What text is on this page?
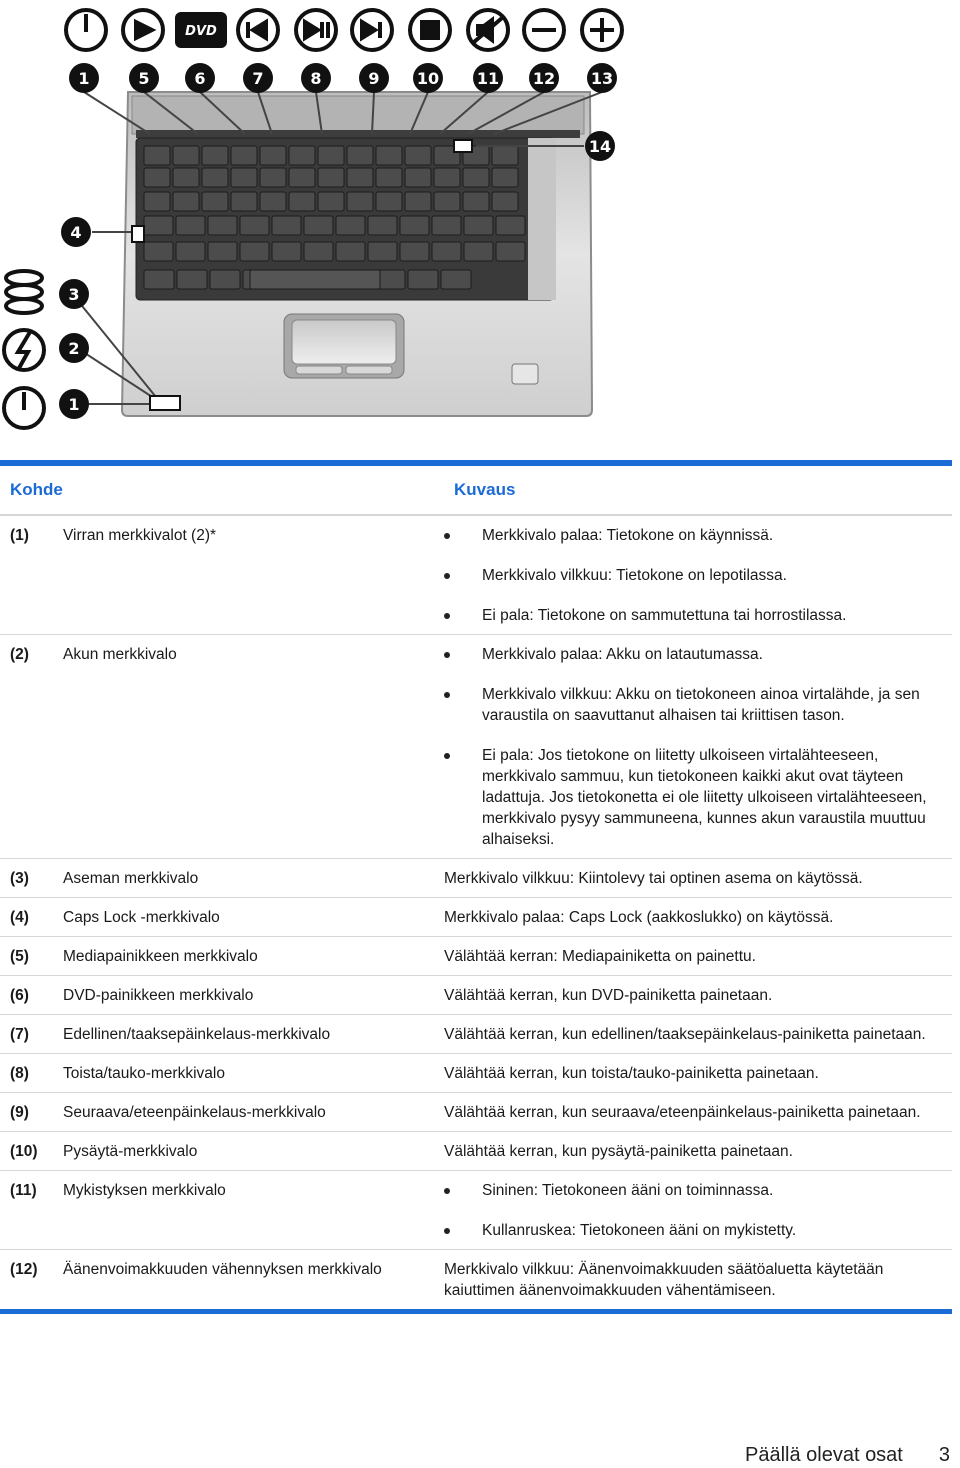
DVD
1	5	6	7	8	9 10 11 12 13
14
4
3
2
1
Kohde	Kuvaus
(1)	Virran merkkivalot (2)*	Merkkivalo palaa: Tietokone on käynnissä.
Merkkivalo vilkkuu: Tietokone on lepotilassa.
Ei pala: Tietokone on sammutettuna tai horrostilassa.
(2)	Akun merkkivalo	Merkkivalo palaa: Akku on latautumassa.
Merkkivalo vilkkuu: Akku on tietokoneen ainoa virtalähde, ja sen varaustila on saavuttanut alhaisen tai kriittisen tason.
Ei pala: Jos tietokone on liitetty ulkoiseen virtalähteeseen, merkkivalo sammuu, kun tietokoneen kaikki akut ovat täyteen ladattuja. Jos tietokonetta ei ole liitetty ulkoiseen virtalähteeseen, merkkivalo pysyy sammuneena, kunnes akun varaustila muuttuu alhaiseksi.
(3)	Aseman merkkivalo	Merkkivalo vilkkuu: Kiintolevy tai optinen asema on käytössä.
(4)	Caps Lock -merkkivalo	Merkkivalo palaa: Caps Lock (aakkoslukko) on käytössä.
(5)	Mediapainikkeen merkkivalo	Välähtää kerran: Mediapainiketta on painettu.
(6)	DVD-painikkeen merkkivalo	Välähtää kerran, kun DVD-painiketta painetaan.
(7)	Edellinen/taaksepäinkelaus-merkkivalo	Välähtää kerran, kun edellinen/taaksepäinkelaus-painiketta painetaan.
(8)	Toista/tauko-merkkivalo	Välähtää kerran, kun toista/tauko-painiketta painetaan.
(9)	Seuraava/eteenpäinkelaus-merkkivalo	Välähtää kerran, kun seuraava/eteenpäinkelaus-painiketta painetaan.
(10)	Pysäytä-merkkivalo	Välähtää kerran, kun pysäytä-painiketta painetaan.
(11)	Mykistyksen merkkivalo	Sininen: Tietokoneen ääni on toiminnassa.
Kullanruskea: Tietokoneen ääni on mykistetty.
(12)	Äänenvoimakkuuden vähennyksen merkkivalo	Merkkivalo vilkkuu: Äänenvoimakkuuden säätöaluetta käytetään kaiuttimen äänenvoimakkuuden vähentämiseen.
Päällä olevat osat 3
